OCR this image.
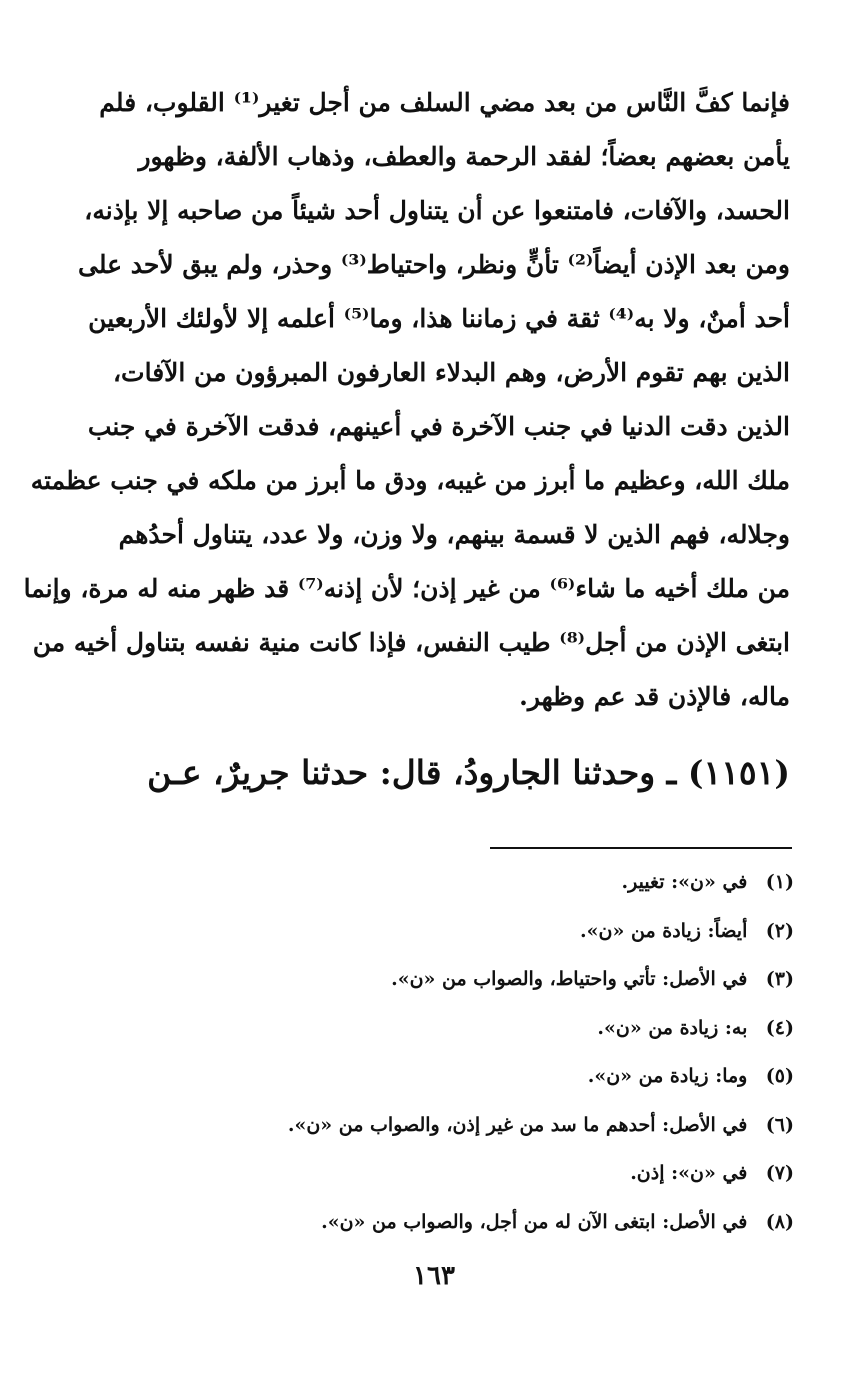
فإنما كفَّ النَّاس من بعد مضي السلف من أجل تغير⁽¹⁾ القلوب، فلم
يأمن بعضهم بعضاً؛ لفقد الرحمة والعطف، وذهاب الألفة، وظهور
الحسد، والآفات، فامتنعوا عن أن يتناول أحد شيئاً من صاحبه إلا بإذنه،
ومن بعد الإذن أيضاً⁽²⁾ تأنٍّ ونظر، واحتياط⁽³⁾ وحذر، ولم يبق لأحد على
أحد أمنٌ، ولا به⁽⁴⁾ ثقة في زماننا هذا، وما⁽⁵⁾ أعلمه إلا لأولئك الأربعين
الذين بهم تقوم الأرض، وهم البدلاء العارفون المبرؤون من الآفات،
الذين دقت الدنيا في جنب الآخرة في أعينهم، فدقت الآخرة في جنب
ملك الله، وعظيم ما أبرز من غيبه، ودق ما أبرز من ملكه في جنب عظمته
وجلاله، فهم الذين لا قسمة بينهم، ولا وزن، ولا عدد، يتناول أحدُهم
من ملك أخيه ما شاء⁽⁶⁾ من غير إذن؛ لأن إذنه⁽⁷⁾ قد ظهر منه له مرة، وإنما
ابتغى الإذن من أجل⁽⁸⁾ طيب النفس، فإذا كانت منية نفسه بتناول أخيه من
ماله، فالإذن قد عم وظهر.
(١١٥١) ـ وحدثنا الجارودُ، قال: حدثنا جريرٌ، عـن
(١) في «ن»: تغيير.
(٢) أيضاً: زيادة من «ن».
(٣) في الأصل: تأتي واحتياط، والصواب من «ن».
(٤) به: زيادة من «ن».
(٥) وما: زيادة من «ن».
(٦) في الأصل: أحدهم ما سد من غير إذن، والصواب من «ن».
(٧) في «ن»: إذن.
(٨) في الأصل: ابتغى الآن له من أجل، والصواب من «ن».
١٦٣
